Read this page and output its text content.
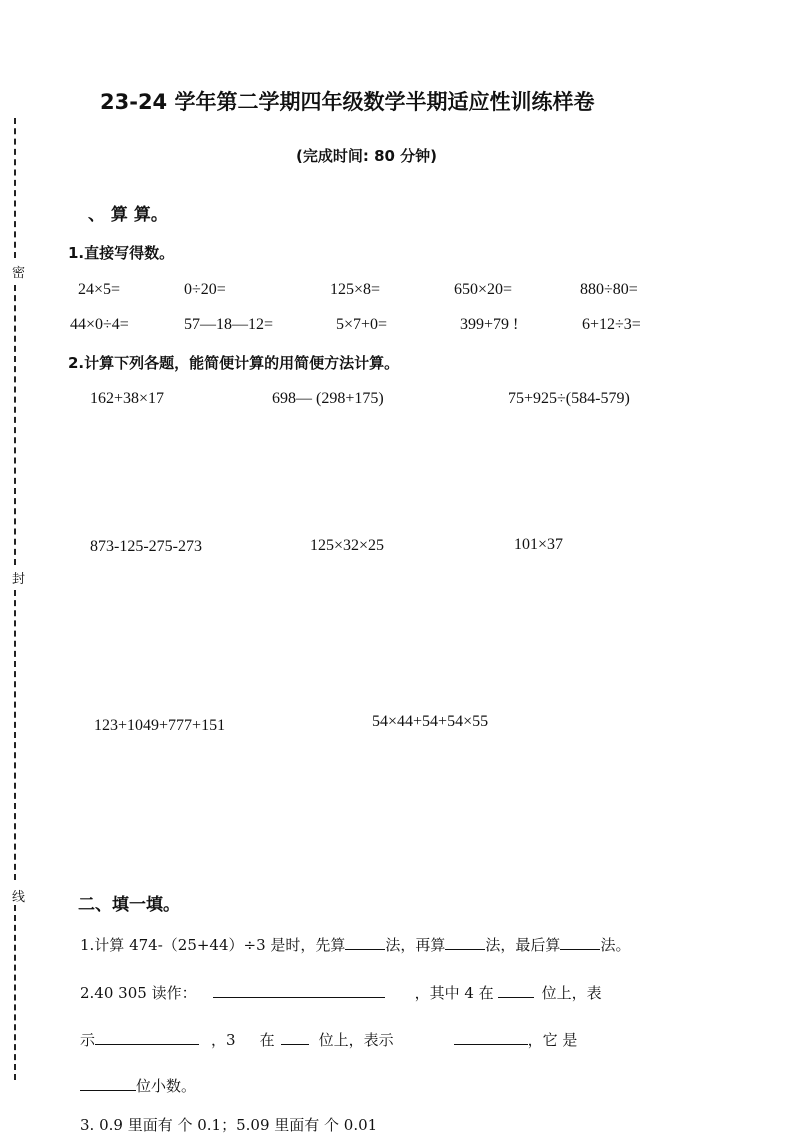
密
封
线
23-24 学年第二学期四年级数学半期适应性训练样卷
(完成时间: 80 分钟)
、 算 算。
1.直接写得数。
24×5=	0÷20=	125×8=	650×20=	880÷80=
44×0÷4=	57—18—12=	5×7+0=	399+79 !	6+12÷3=
2.计算下列各题，能简便计算的用简便方法计算。
162+38×17	698— (298+175)	75+925÷(584-579)
873-125-275-273	125×32×25	101×37
123+1049+777+151	54×44+54+54×55
二、填一填。
1.计算 474-（25+44）÷3 是时，先算	法，再算	法，最后算	法。
2.40 305 读作：	，其中 4 在	位上，表
示	，3 在	位上，表示	，它 是
位小数。
3. 0.9 里面有 个 0.1；5.09 里面有 个 0.01
